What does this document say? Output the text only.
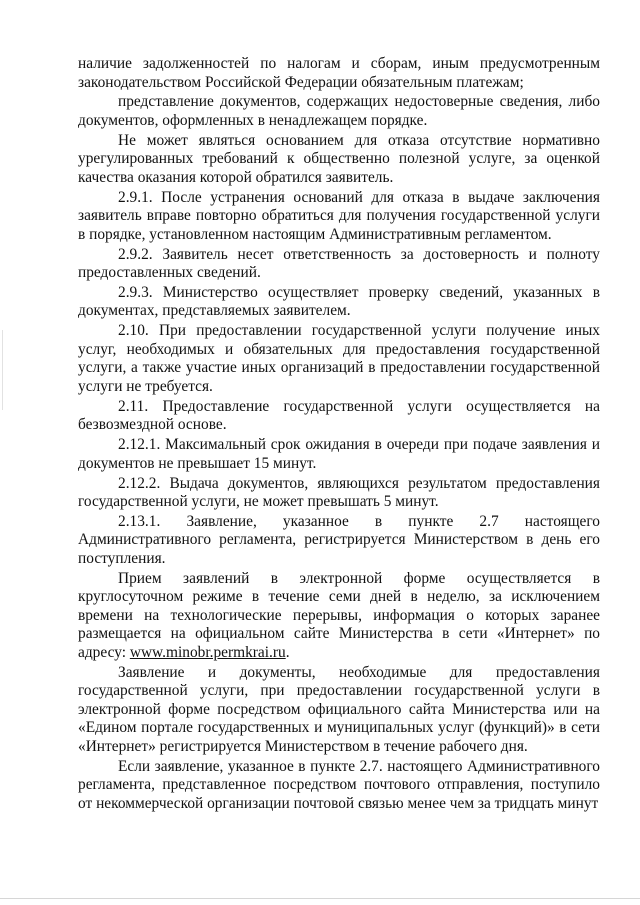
наличие задолженностей по налогам и сборам, иным предусмотренным законодательством Российской Федерации обязательным платежам;

представление документов, содержащих недостоверные сведения, либо документов, оформленных в ненадлежащем порядке.

Не может являться основанием для отказа отсутствие нормативно урегулированных требований к общественно полезной услуге, за оценкой качества оказания которой обратился заявитель.

2.9.1. После устранения оснований для отказа в выдаче заключения заявитель вправе повторно обратиться для получения государственной услуги в порядке, установленном настоящим Административным регламентом.

2.9.2. Заявитель несет ответственность за достоверность и полноту предоставленных сведений.

2.9.3. Министерство осуществляет проверку сведений, указанных в документах, представляемых заявителем.

2.10. При предоставлении государственной услуги получение иных услуг, необходимых и обязательных для предоставления государственной услуги, а также участие иных организаций в предоставлении государственной услуги не требуется.

2.11. Предоставление государственной услуги осуществляется на безвозмездной основе.

2.12.1. Максимальный срок ожидания в очереди при подаче заявления и документов не превышает 15 минут.

2.12.2. Выдача документов, являющихся результатом предоставления государственной услуги, не может превышать 5 минут.

2.13.1. Заявление, указанное в пункте 2.7 настоящего Административного регламента, регистрируется Министерством в день его поступления.

Прием заявлений в электронной форме осуществляется в круглосуточном режиме в течение семи дней в неделю, за исключением времени на технологические перерывы, информация о которых заранее размещается на официальном сайте Министерства в сети «Интернет» по адресу: www.minobr.permkrai.ru.

Заявление и документы, необходимые для предоставления государственной услуги, при предоставлении государственной услуги в электронной форме посредством официального сайта Министерства или на «Едином портале государственных и муниципальных услуг (функций)» в сети «Интернет» регистрируется Министерством в течение рабочего дня.

Если заявление, указанное в пункте 2.7. настоящего Административного регламента, представленное посредством почтового отправления, поступило от некоммерческой организации почтовой связью менее чем за тридцать минут
